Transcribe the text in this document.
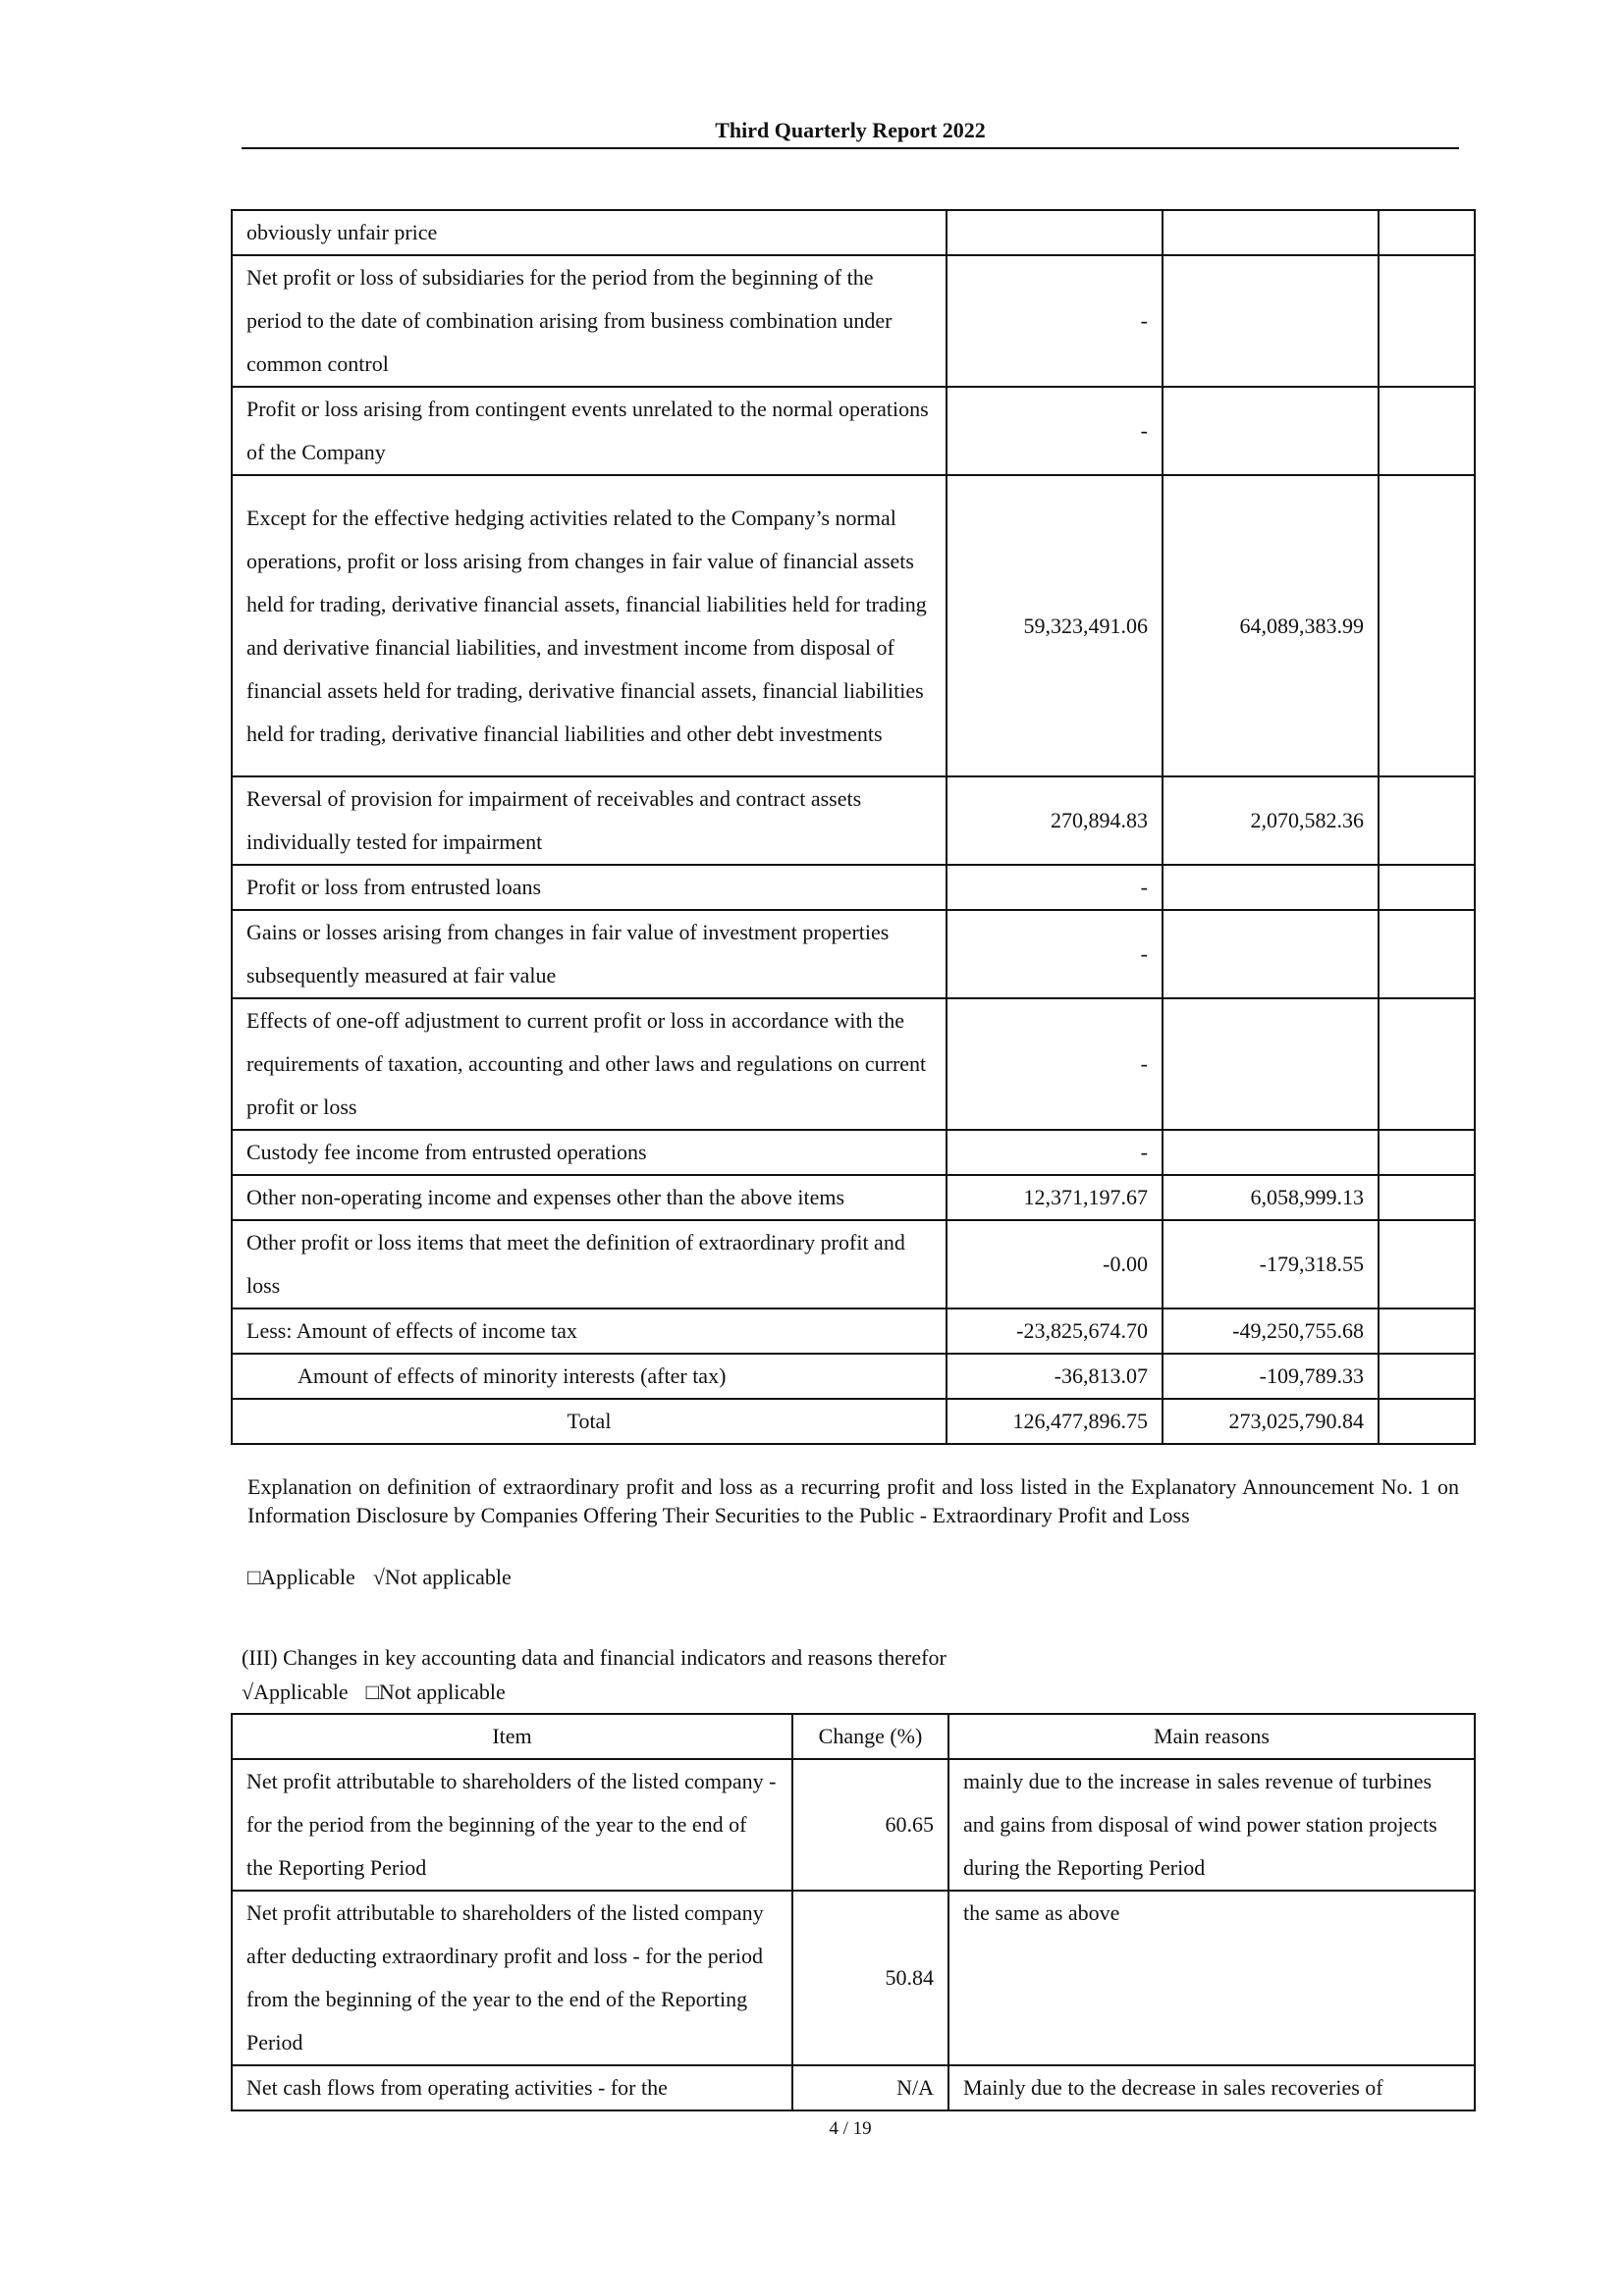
Third Quarterly Report 2022
obviously unfair price			
Net profit or loss of subsidiaries for the period from the beginning of the period to the date of combination arising from business combination under common control	-		
Profit or loss arising from contingent events unrelated to the normal operations of the Company	-		
Except for the effective hedging activities related to the Company’s normal operations, profit or loss arising from changes in fair value of financial assets held for trading, derivative financial assets, financial liabilities held for trading and derivative financial liabilities, and investment income from disposal of financial assets held for trading, derivative financial assets, financial liabilities held for trading, derivative financial liabilities and other debt investments	59,323,491.06	64,089,383.99	
Reversal of provision for impairment of receivables and contract assets individually tested for impairment	270,894.83	2,070,582.36	
Profit or loss from entrusted loans	-		
Gains or losses arising from changes in fair value of investment properties subsequently measured at fair value	-		
Effects of one-off adjustment to current profit or loss in accordance with the requirements of taxation, accounting and other laws and regulations on current profit or loss	-		
Custody fee income from entrusted operations	-		
Other non-operating income and expenses other than the above items	12,371,197.67	6,058,999.13	
Other profit or loss items that meet the definition of extraordinary profit and loss	-0.00	-179,318.55	
Less: Amount of effects of income tax	-23,825,674.70	-49,250,755.68	
Amount of effects of minority interests (after tax)	-36,813.07	-109,789.33	
Total	126,477,896.75	273,025,790.84	
Explanation on definition of extraordinary profit and loss as a recurring profit and loss listed in the Explanatory Announcement No. 1 on Information Disclosure by Companies Offering Their Securities to the Public - Extraordinary Profit and Loss
□Applicable √Not applicable
(III) Changes in key accounting data and financial indicators and reasons therefor
√Applicable □Not applicable
Item	Change (%)	Main reasons
Net profit attributable to shareholders of the listed company - for the period from the beginning of the year to the end of the Reporting Period	60.65	mainly due to the increase in sales revenue of turbines and gains from disposal of wind power station projects during the Reporting Period
Net profit attributable to shareholders of the listed company after deducting extraordinary profit and loss - for the period from the beginning of the year to the end of the Reporting Period	50.84	the same as above
Net cash flows from operating activities - for the	N/A	Mainly due to the decrease in sales recoveries of
4 / 19
